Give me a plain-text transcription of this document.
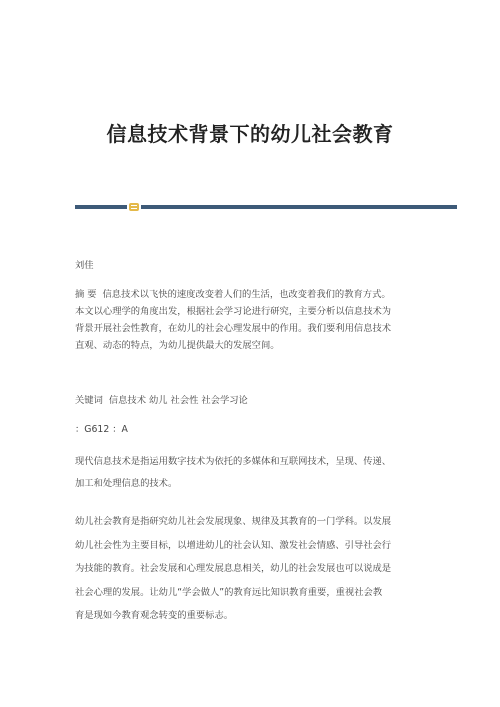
信息技术背景下的幼儿社会教育
刘佳
摘 要 信息技术以飞快的速度改变着人们的生活，也改变着我们的教育方式。
本文以心理学的角度出发，根据社会学习论进行研究，主要分析以信息技术为
背景开展社会性教育，在幼儿的社会心理发展中的作用。我们要利用信息技术
直观、动态的特点，为幼儿提供最大的发展空间。
关键词 信息技术 幼儿 社会性 社会学习论
：G612 ：A
现代信息技术是指运用数字技术为依托的多媒体和互联网技术，呈现、传递、
加工和处理信息的技术。
幼儿社会教育是指研究幼儿社会发展现象、规律及其教育的一门学科。以发展
幼儿社会性为主要目标，以增进幼儿的社会认知、激发社会情感、引导社会行
为技能的教育。社会发展和心理发展息息相关，幼儿的社会发展也可以说成是
社会心理的发展。让幼儿“学会做人”的教育远比知识教育重要，重视社会教
育是现如今教育观念转变的重要标志。
